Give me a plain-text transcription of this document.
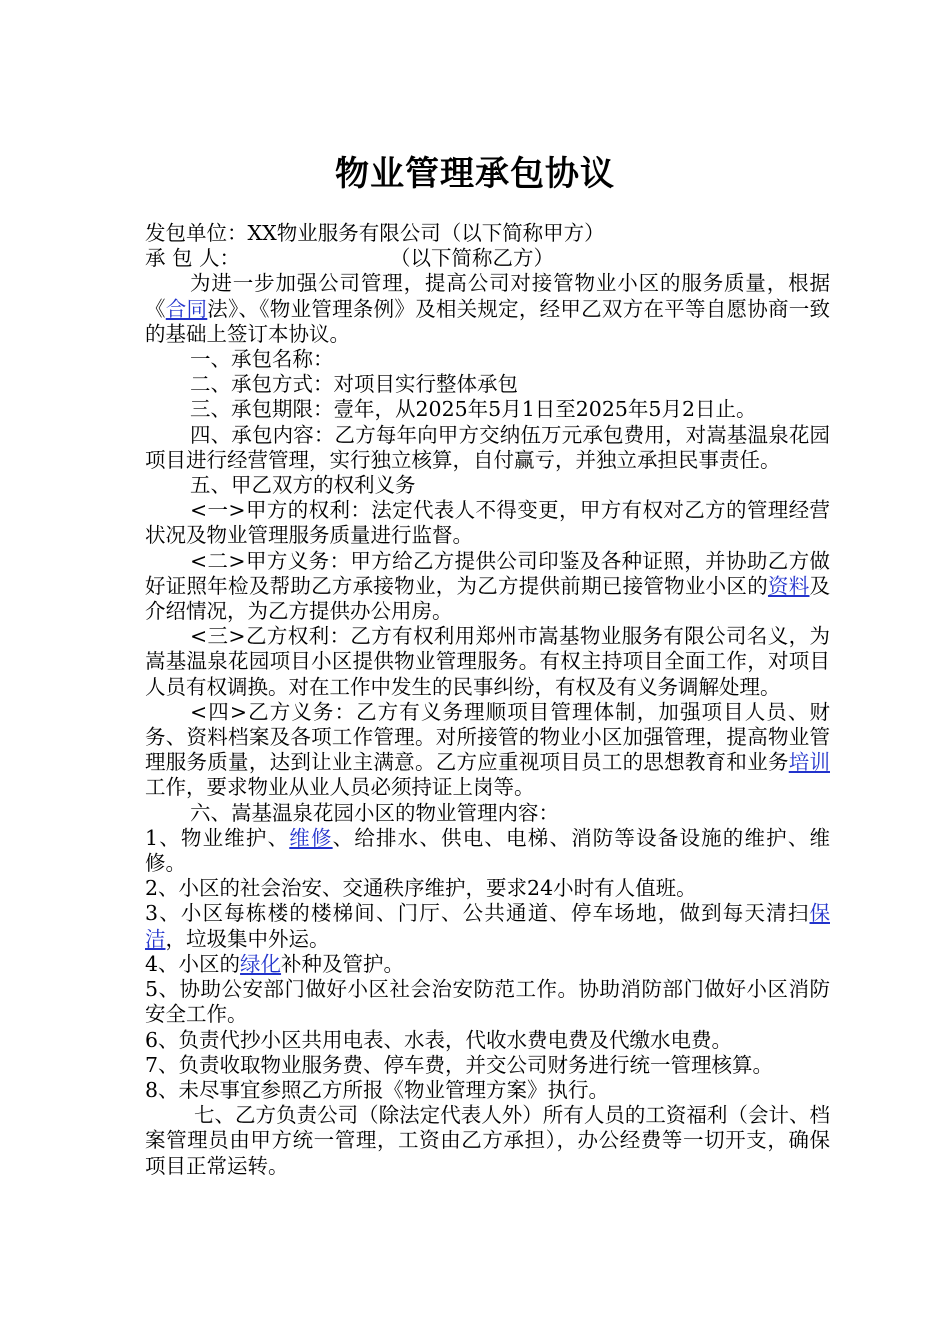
物业管理承包协议

发包单位：XX物业服务有限公司（以下简称甲方）

承 包 人：	（以下简称乙方）

为进一步加强公司管理，提高公司对接管物业小区的服务质量，根据《合同法》、《物业管理条例》及相关规定，经甲乙双方在平等自愿协商一致的基础上签订本协议。

一、承包名称：

二、承包方式：对项目实行整体承包

三、承包期限：壹年，从2025年5月1日至2025年5月2日止。

四、承包内容：乙方每年向甲方交纳伍万元承包费用，对嵩基温泉花园项目进行经营管理，实行独立核算，自付赢亏，并独立承担民事责任。

五、甲乙双方的权利义务

<一>甲方的权利：法定代表人不得变更，甲方有权对乙方的管理经营状况及物业管理服务质量进行监督。

<二>甲方义务：甲方给乙方提供公司印鉴及各种证照，并协助乙方做好证照年检及帮助乙方承接物业，为乙方提供前期已接管物业小区的资料及介绍情况，为乙方提供办公用房。

<三>乙方权利：乙方有权利用郑州市嵩基物业服务有限公司名义，为嵩基温泉花园项目小区提供物业管理服务。有权主持项目全面工作，对项目人员有权调换。对在工作中发生的民事纠纷，有权及有义务调解处理。

<四>乙方义务：乙方有义务理顺项目管理体制，加强项目人员、财务、资料档案及各项工作管理。对所接管的物业小区加强管理，提高物业管理服务质量，达到让业主满意。乙方应重视项目员工的思想教育和业务培训工作，要求物业从业人员必须持证上岗等。

六、嵩基温泉花园小区的物业管理内容：

1、物业维护、维修、给排水、供电、电梯、消防等设备设施的维护、维修。

2、小区的社会治安、交通秩序维护，要求24小时有人值班。

3、小区每栋楼的楼梯间、门厅、公共通道、停车场地，做到每天清扫保洁，垃圾集中外运。

4、小区的绿化补种及管护。

5、协助公安部门做好小区社会治安防范工作。协助消防部门做好小区消防安全工作。

6、负责代抄小区共用电表、水表，代收水费电费及代缴水电费。

7、负责收取物业服务费、停车费，并交公司财务进行统一管理核算。

8、未尽事宜参照乙方所报《物业管理方案》执行。

七、乙方负责公司（除法定代表人外）所有人员的工资福利（会计、档案管理员由甲方统一管理，工资由乙方承担），办公经费等一切开支，确保项目正常运转。
